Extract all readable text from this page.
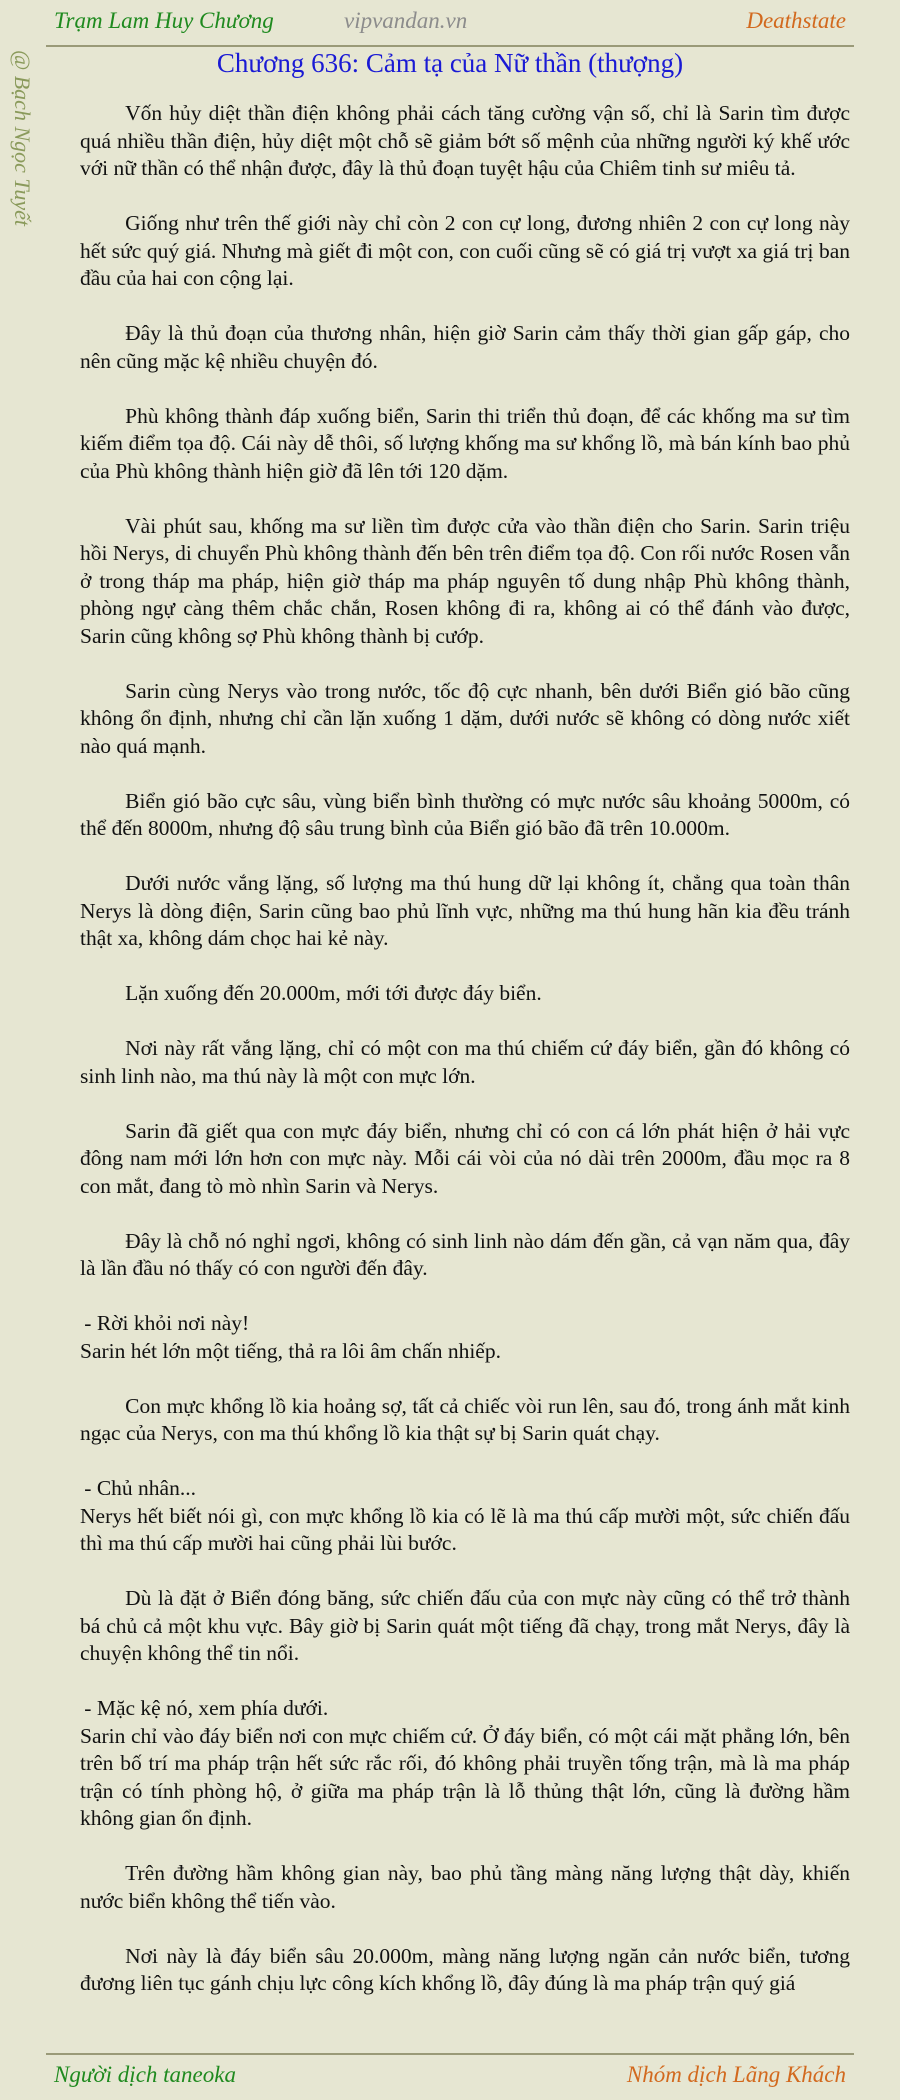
Trạm Lam Huy Chương	vipvandan.vn	Deathstate
@ Bạch Ngọc Tuyết	Chương 636: Cảm tạ của Nữ thần (thượng)

Vốn hủy diệt thần điện không phải cách tăng cường vận số, chỉ là Sarin tìm được quá nhiều thần điện, hủy diệt một chỗ sẽ giảm bớt số mệnh của những người ký khế ước với nữ thần có thể nhận được, đây là thủ đoạn tuyệt hậu của Chiêm tinh sư miêu tả.

Giống như trên thế giới này chỉ còn 2 con cự long, đương nhiên 2 con cự long này hết sức quý giá. Nhưng mà giết đi một con, con cuối cũng sẽ có giá trị vượt xa giá trị ban đầu của hai con cộng lại.

Đây là thủ đoạn của thương nhân, hiện giờ Sarin cảm thấy thời gian gấp gáp, cho nên cũng mặc kệ nhiều chuyện đó.

Phù không thành đáp xuống biển, Sarin thi triển thủ đoạn, để các khống ma sư tìm kiếm điểm tọa độ. Cái này dễ thôi, số lượng khống ma sư khổng lồ, mà bán kính bao phủ của Phù không thành hiện giờ đã lên tới 120 dặm.

Vài phút sau, khống ma sư liền tìm được cửa vào thần điện cho Sarin. Sarin triệu hồi Nerys, di chuyển Phù không thành đến bên trên điểm tọa độ. Con rối nước Rosen vẫn ở trong tháp ma pháp, hiện giờ tháp ma pháp nguyên tố dung nhập Phù không thành, phòng ngự càng thêm chắc chắn, Rosen không đi ra, không ai có thể đánh vào được, Sarin cũng không sợ Phù không thành bị cướp.

Sarin cùng Nerys vào trong nước, tốc độ cực nhanh, bên dưới Biển gió bão cũng không ổn định, nhưng chỉ cần lặn xuống 1 dặm, dưới nước sẽ không có dòng nước xiết nào quá mạnh.

Biển gió bão cực sâu, vùng biển bình thường có mực nước sâu khoảng 5000m, có thể đến 8000m, nhưng độ sâu trung bình của Biển gió bão đã trên 10.000m.

Dưới nước vắng lặng, số lượng ma thú hung dữ lại không ít, chẳng qua toàn thân Nerys là dòng điện, Sarin cũng bao phủ lĩnh vực, những ma thú hung hãn kia đều tránh thật xa, không dám chọc hai kẻ này.

Lặn xuống đến 20.000m, mới tới được đáy biển.

Nơi này rất vắng lặng, chỉ có một con ma thú chiếm cứ đáy biển, gần đó không có sinh linh nào, ma thú này là một con mực lớn.

Sarin đã giết qua con mực đáy biển, nhưng chỉ có con cá lớn phát hiện ở hải vực đông nam mới lớn hơn con mực này. Mỗi cái vòi của nó dài trên 2000m, đầu mọc ra 8 con mắt, đang tò mò nhìn Sarin và Nerys.

Đây là chỗ nó nghỉ ngơi, không có sinh linh nào dám đến gần, cả vạn năm qua, đây là lần đầu nó thấy có con người đến đây.

- Rời khỏi nơi này!
Sarin hét lớn một tiếng, thả ra lôi âm chấn nhiếp.

Con mực khổng lồ kia hoảng sợ, tất cả chiếc vòi run lên, sau đó, trong ánh mắt kinh ngạc của Nerys, con ma thú khổng lồ kia thật sự bị Sarin quát chạy.

- Chủ nhân...
Nerys hết biết nói gì, con mực khổng lồ kia có lẽ là ma thú cấp mười một, sức chiến đấu thì ma thú cấp mười hai cũng phải lùi bước.

Dù là đặt ở Biển đóng băng, sức chiến đấu của con mực này cũng có thể trở thành bá chủ cả một khu vực. Bây giờ bị Sarin quát một tiếng đã chạy, trong mắt Nerys, đây là chuyện không thể tin nổi.

- Mặc kệ nó, xem phía dưới.
Sarin chỉ vào đáy biển nơi con mực chiếm cứ. Ở đáy biển, có một cái mặt phẳng lớn, bên trên bố trí ma pháp trận hết sức rắc rối, đó không phải truyền tống trận, mà là ma pháp trận có tính phòng hộ, ở giữa ma pháp trận là lỗ thủng thật lớn, cũng là đường hầm không gian ổn định.

Trên đường hầm không gian này, bao phủ tầng màng năng lượng thật dày, khiến nước biển không thể tiến vào.

Nơi này là đáy biển sâu 20.000m, màng năng lượng ngăn cản nước biển, tương đương liên tục gánh chịu lực công kích khổng lồ, đây đúng là ma pháp trận quý giá

Người dịch taneoka	Nhóm dịch Lãng Khách
